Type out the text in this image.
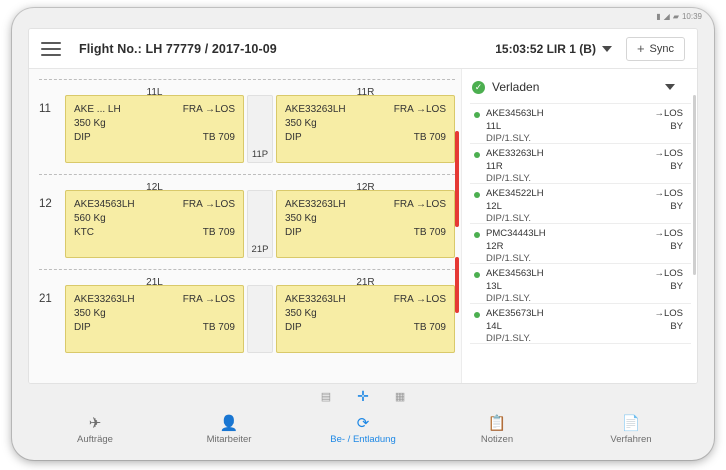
▮ ◢ ▰ 10:39
Flight No.: LH 77779 / 2017-10-09	15:03:52 LIR 1 (B)	+ Sync
11
11L
AKE ... LH	FRA →LOS
350 Kg
DIP	TB 709
11P
11R
AKE33263LH	FRA →LOS
350 Kg
DIP	TB 709
12
12L
AKE34563LH	FRA →LOS
560 Kg
KTC	TB 709
21P
12R
AKE33263LH	FRA →LOS
350 Kg
DIP	TB 709
21
21L
AKE33263LH	FRA →LOS
350 Kg
DIP	TB 709
21R
AKE33263LH	FRA →LOS
350 Kg
DIP	TB 709
✓ Verladen
AKE34563LH	→LOS
11L	BY
DIP/1.SLY.
AKE33263LH	→LOS
11R	BY
DIP/1.SLY.
AKE34522LH	→LOS
12L	BY
DIP/1.SLY.
PMC34443LH	→LOS
12R	BY
DIP/1.SLY.
AKE34563LH	→LOS
13L	BY
DIP/1.SLY.
AKE35673LH	→LOS
14L	BY
DIP/1.SLY.
▤ ✛ ▦
✈
Aufträge
👤
Mitarbeiter
⟳
Be- / Entladung
📋
Notizen
📄
Verfahren
